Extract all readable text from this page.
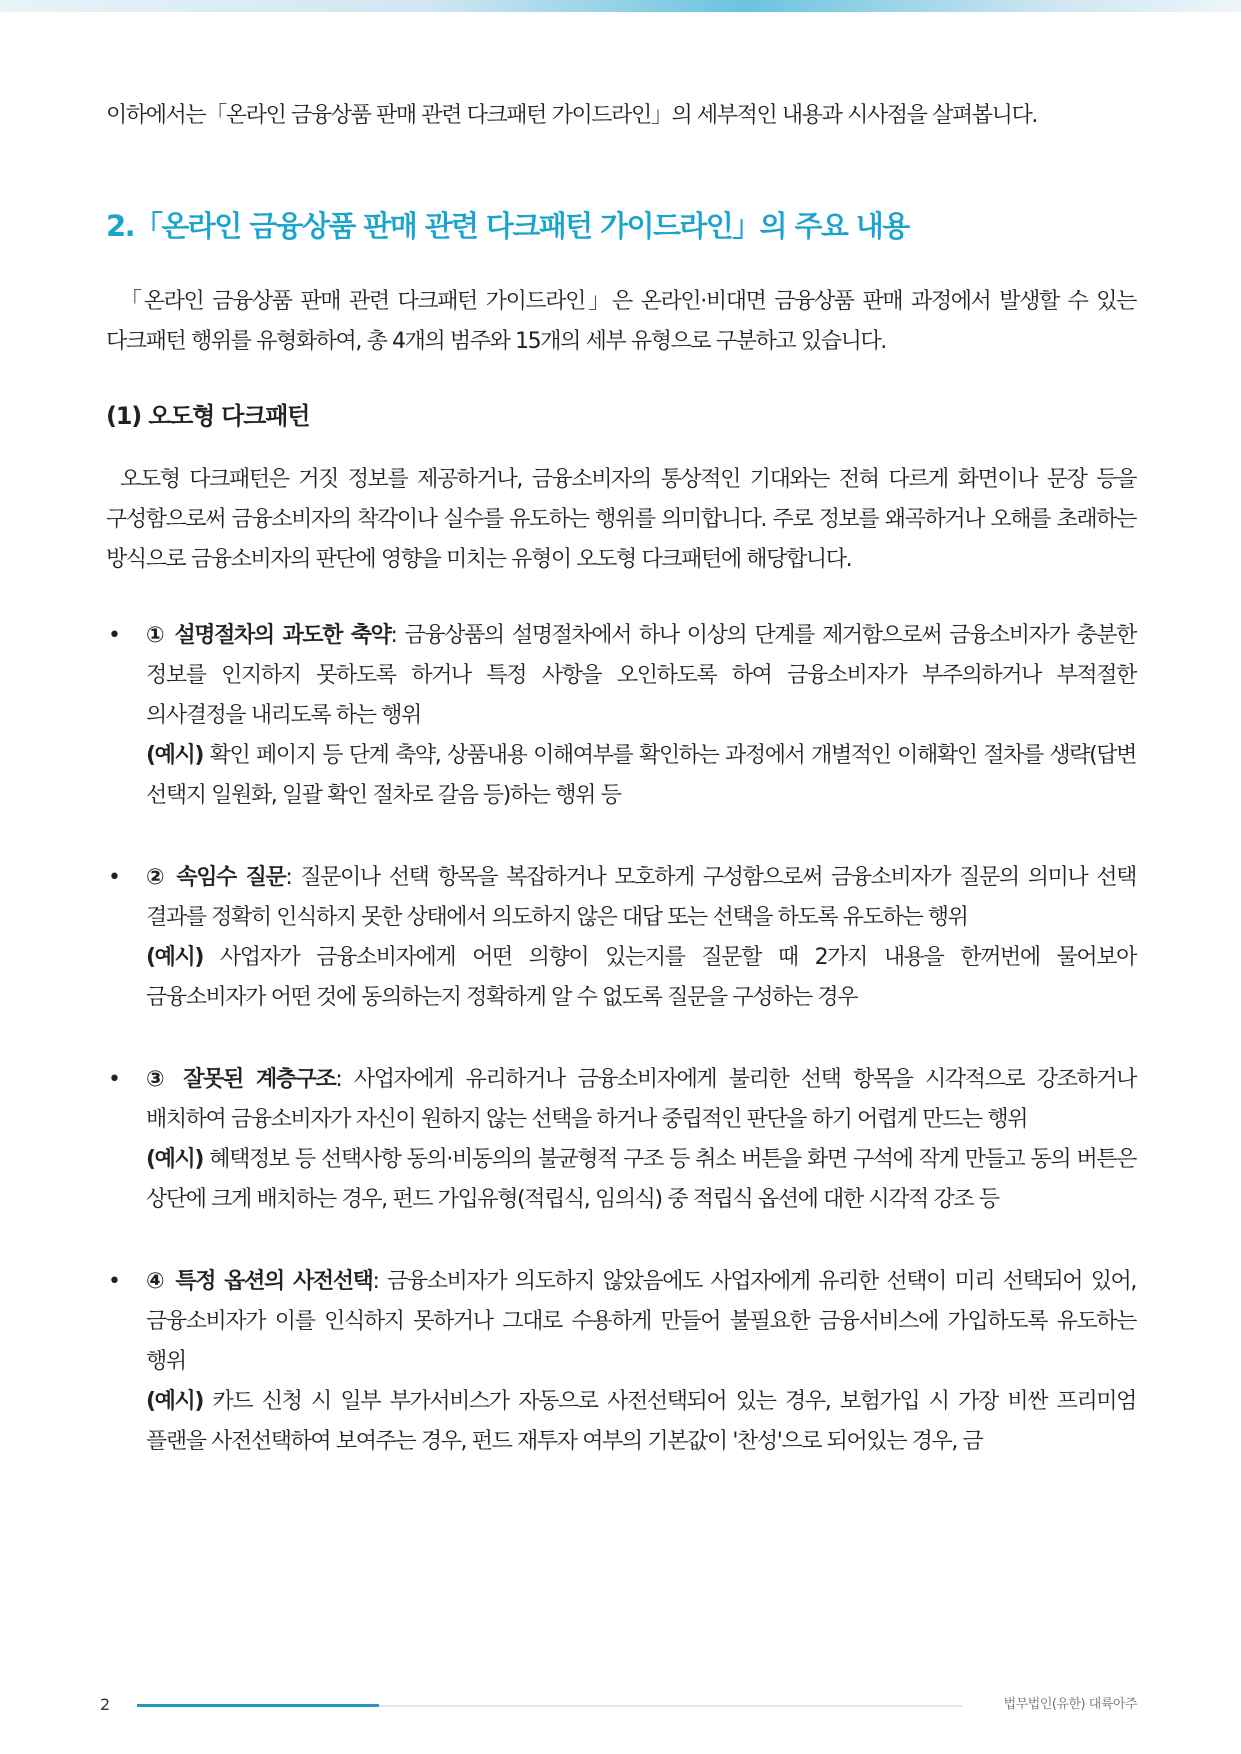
이하에서는「온라인 금융상품 판매 관련 다크패턴 가이드라인」의 세부적인 내용과 시사점을 살펴봅니다.

2.「온라인 금융상품 판매 관련 다크패턴 가이드라인」의 주요 내용

「온라인 금융상품 판매 관련 다크패턴 가이드라인」은 온라인·비대면 금융상품 판매 과정에서 발생할 수 있는 다크패턴 행위를 유형화하여, 총 4개의 범주와 15개의 세부 유형으로 구분하고 있습니다.

(1) 오도형 다크패턴

오도형 다크패턴은 거짓 정보를 제공하거나, 금융소비자의 통상적인 기대와는 전혀 다르게 화면이나 문장 등을 구성함으로써 금융소비자의 착각이나 실수를 유도하는 행위를 의미합니다. 주로 정보를 왜곡하거나 오해를 초래하는 방식으로 금융소비자의 판단에 영향을 미치는 유형이 오도형 다크패턴에 해당합니다.

• ① 설명절차의 과도한 축약: 금융상품의 설명절차에서 하나 이상의 단계를 제거함으로써 금융소비자가 충분한 정보를 인지하지 못하도록 하거나 특정 사항을 오인하도록 하여 금융소비자가 부주의하거나 부적절한 의사결정을 내리도록 하는 행위

(예시) 확인 페이지 등 단계 축약, 상품내용 이해여부를 확인하는 과정에서 개별적인 이해확인 절차를 생략(답변 선택지 일원화, 일괄 확인 절차로 갈음 등)하는 행위 등

• ② 속임수 질문: 질문이나 선택 항목을 복잡하거나 모호하게 구성함으로써 금융소비자가 질문의 의미나 선택 결과를 정확히 인식하지 못한 상태에서 의도하지 않은 대답 또는 선택을 하도록 유도하는 행위

(예시) 사업자가 금융소비자에게 어떤 의향이 있는지를 질문할 때 2가지 내용을 한꺼번에 물어보아 금융소비자가 어떤 것에 동의하는지 정확하게 알 수 없도록 질문을 구성하는 경우

• ③ 잘못된 계층구조: 사업자에게 유리하거나 금융소비자에게 불리한 선택 항목을 시각적으로 강조하거나 배치하여 금융소비자가 자신이 원하지 않는 선택을 하거나 중립적인 판단을 하기 어렵게 만드는 행위

(예시) 혜택정보 등 선택사항 동의·비동의의 불균형적 구조 등 취소 버튼을 화면 구석에 작게 만들고 동의 버튼은 상단에 크게 배치하는 경우, 펀드 가입유형(적립식, 임의식) 중 적립식 옵션에 대한 시각적 강조 등

• ④ 특정 옵션의 사전선택: 금융소비자가 의도하지 않았음에도 사업자에게 유리한 선택이 미리 선택되어 있어, 금융소비자가 이를 인식하지 못하거나 그대로 수용하게 만들어 불필요한 금융서비스에 가입하도록 유도하는 행위

(예시) 카드 신청 시 일부 부가서비스가 자동으로 사전선택되어 있는 경우, 보험가입 시 가장 비싼 프리미엄 플랜을 사전선택하여 보여주는 경우, 펀드 재투자 여부의 기본값이 '찬성'으로 되어있는 경우, 금

2	법무법인(유한) 대륙아주
